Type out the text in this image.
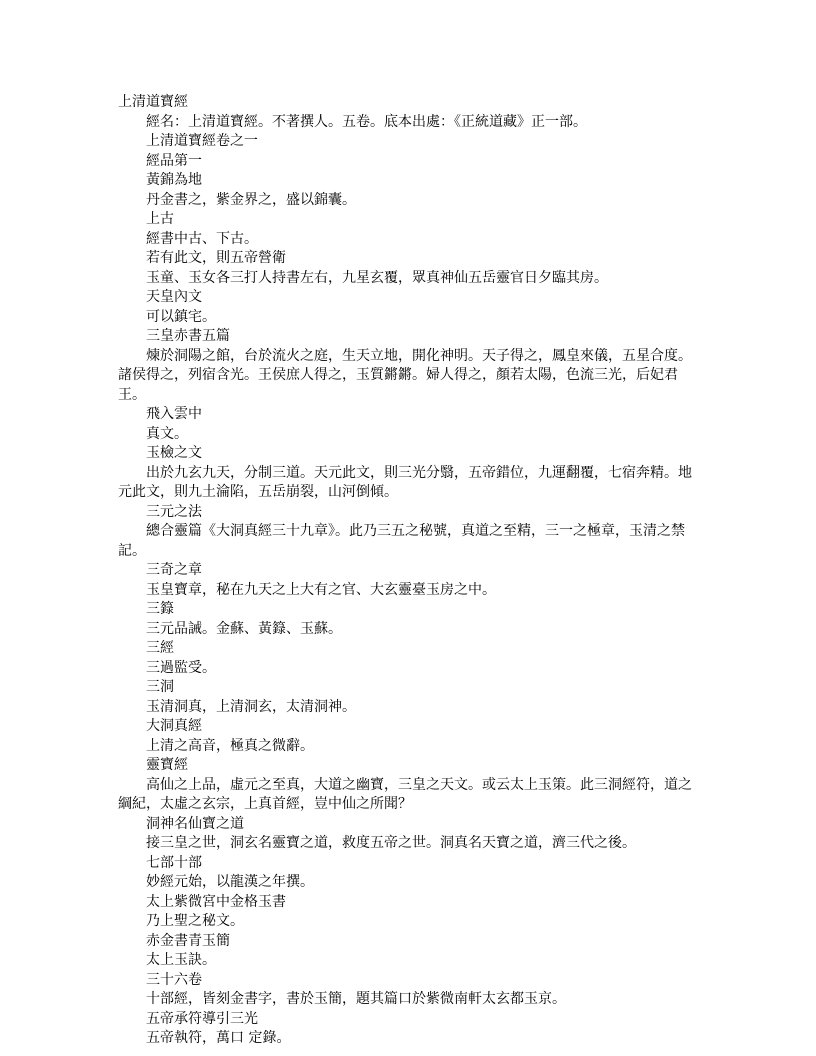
上清道寶經

經名：上清道寶經。不著撰人。五卷。底本出處：《正統道藏》正一部。

上清道寶經卷之一

經品第一

黃錦為地

丹金書之，紫金界之，盛以錦囊。

上古

經書中古、下古。

若有此文，則五帝營衛

玉童、玉女各三打人持書左右，九星玄覆，眾真神仙五岳靈官日夕臨其房。

天皇內文

可以鎮宅。

三皇赤書五篇

煉於洞陽之館，台於流火之庭，生天立地，開化神明。天子得之，鳳皇來儀，五星合度。諸侯得之，列宿含光。王侯庶人得之，玉質鏘鏘。婦人得之，顏若太陽，色流三光，后妃君王。

飛入雲中

真文。

玉檢之文

出於九玄九天，分制三道。天元此文，則三光分翳，五帝錯位，九運翻覆，七宿奔精。地元此文，則九土淪陷，五岳崩裂，山河倒傾。

三元之法

總合靈篇《大洞真經三十九章》。此乃三五之秘號，真道之至精，三一之極章，玉清之禁記。

三奇之章

玉皇寶章，秘在九天之上大有之官、大玄靈臺玉房之中。

三籙

三元品誡。金蘇、黃籙、玉蘇。

三經

三過監受。

三洞

玉清洞真，上清洞玄，太清洞神。

大洞真經

上清之高音，極真之微辭。

靈寶經

高仙之上品，虛元之至真，大道之幽寶，三皇之天文。或云太上玉策。此三洞經符，道之綱紀，太虛之玄宗，上真首經，豈中仙之所聞？

洞神名仙寶之道

接三皇之世，洞玄名靈寶之道，救度五帝之世。洞真名天寶之道，濟三代之後。

七部十部

妙經元始，以龍漢之年撰。

太上紫微宮中金格玉書

乃上聖之秘文。

赤金書青玉簡

太上玉訣。

三十六卷

十部經，皆刻金書字，書於玉簡，題其篇口於紫微南軒太玄都玉京。

五帝承符導引三光

五帝執符，萬口 定錄。
